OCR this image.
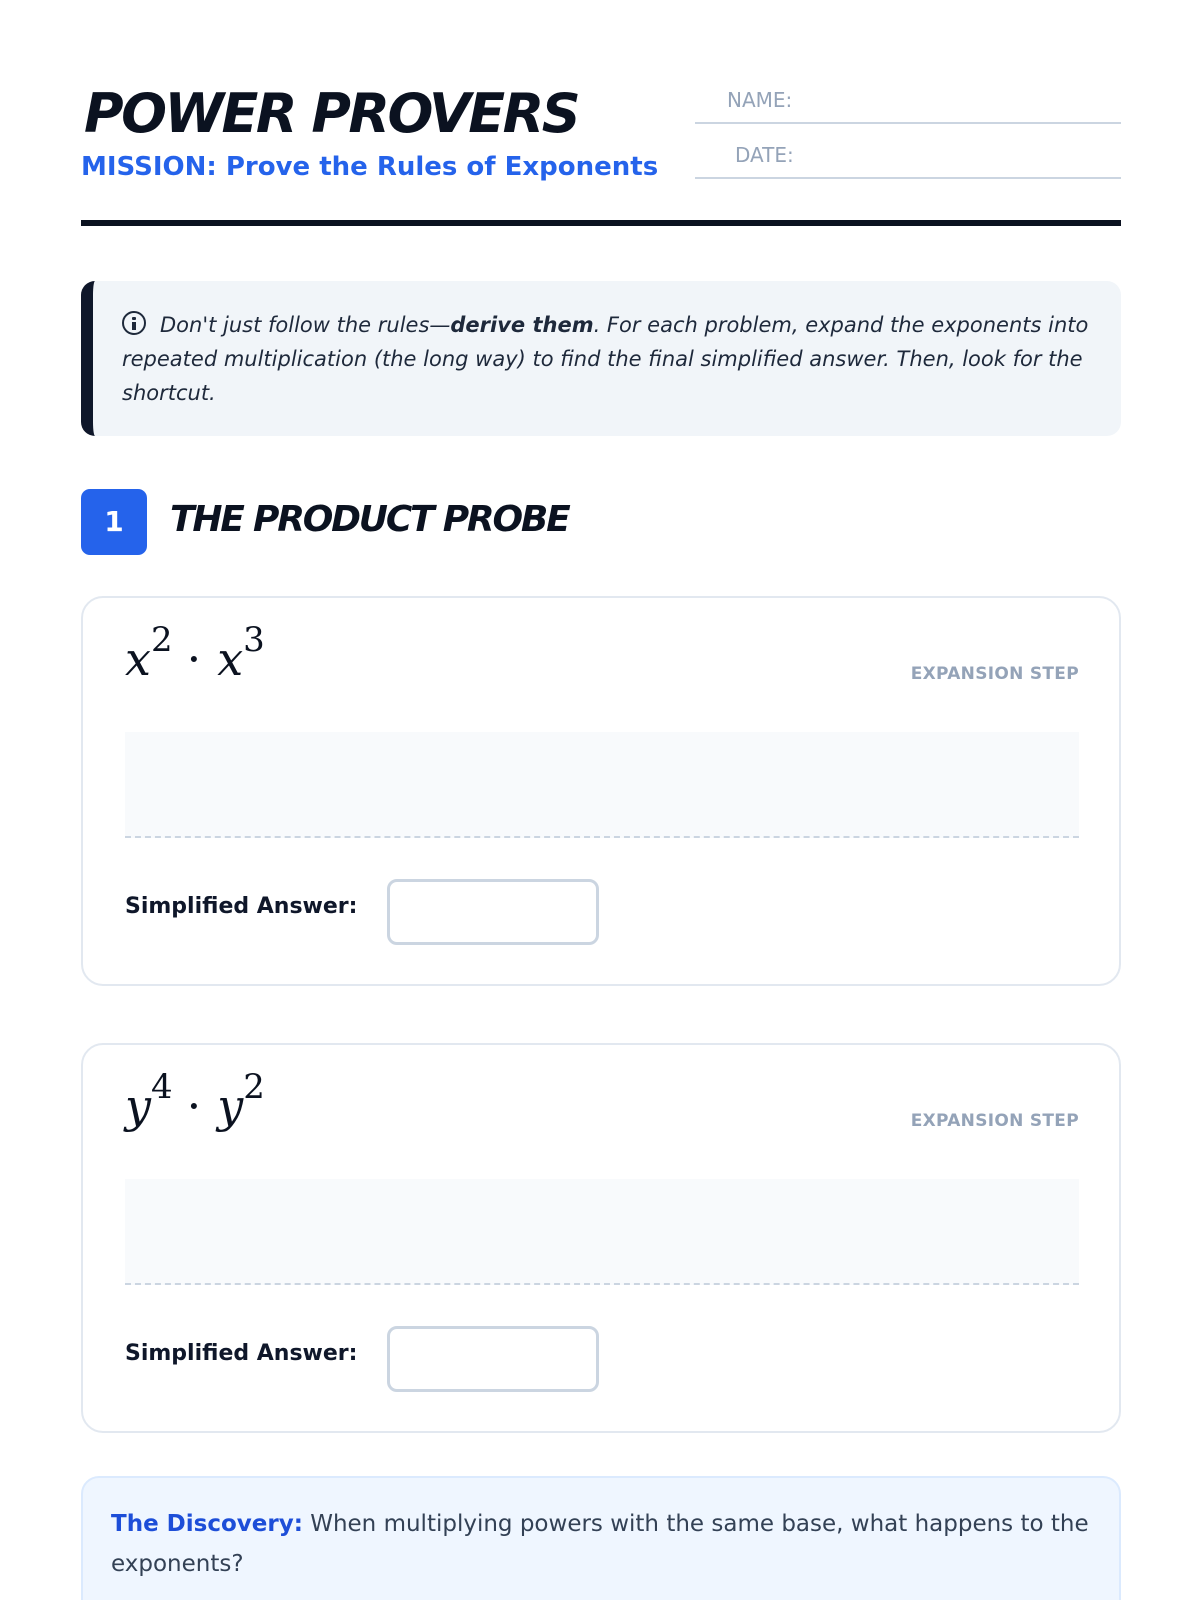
POWER PROVERS
MISSION: Prove the Rules of Exponents
NAME:
DATE:

Don't just follow the rules—derive them. For each problem, expand the exponents into repeated multiplication (the long way) to find the final simplified answer. Then, look for the shortcut.

1	THE PRODUCT PROBE
$x^2 \cdot x^3$
EXPANSION STEP
Simplified Answer:
$y^4 \cdot y^2$
EXPANSION STEP
Simplified Answer:

The Discovery: When multiplying powers with the same base, what happens to the exponents?
